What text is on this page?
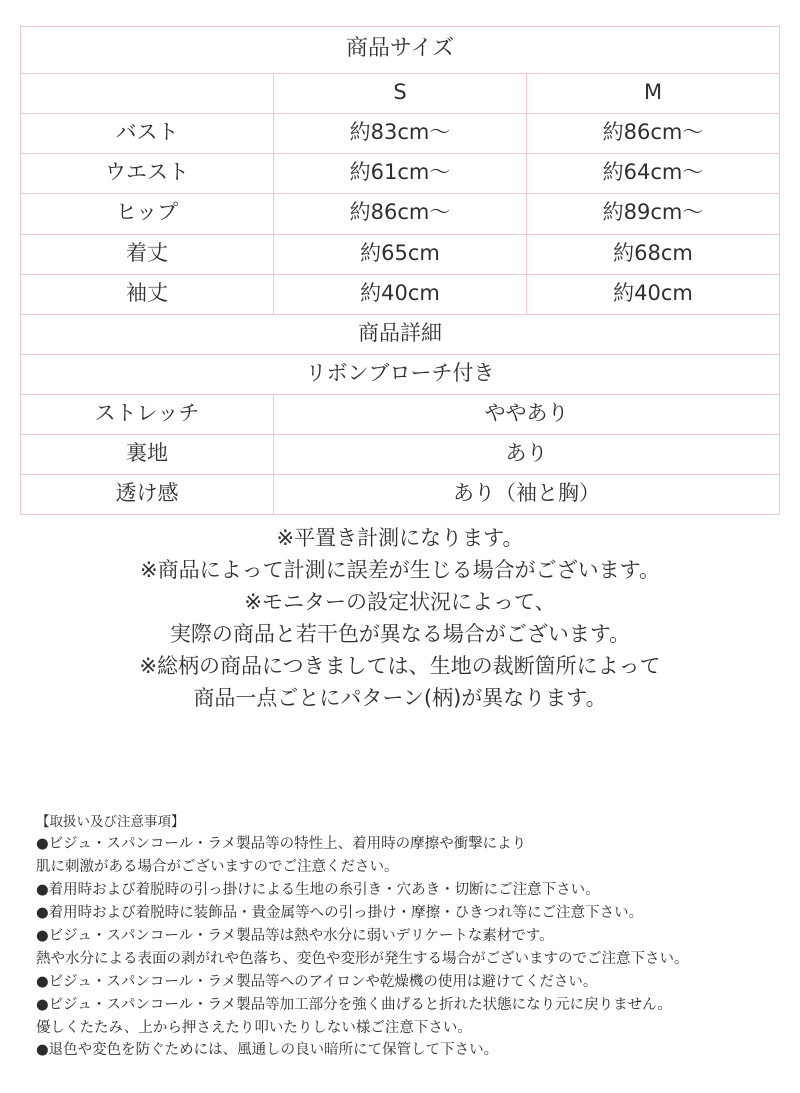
商品サイズ		
	S	M
バスト	約83cm〜	約86cm〜
ウエスト	約61cm〜	約64cm〜
ヒップ	約86cm〜	約89cm〜
着丈	約65cm	約68cm
袖丈	約40cm	約40cm
商品詳細		
リボンブローチ付き		
ストレッチ	ややあり	
裏地	あり	
透け感	あり（袖と胸）	
※平置き計測になります。
※商品によって計測に誤差が生じる場合がございます。
※モニターの設定状況によって、
実際の商品と若干色が異なる場合がございます。
※総柄の商品につきましては、生地の裁断箇所によって
商品一点ごとにパターン(柄)が異なります。

【取扱い及び注意事項】

●ビジュ・スパンコール・ラメ製品等の特性上、着用時の摩擦や衝撃により

肌に刺激がある場合がございますのでご注意ください。

●着用時および着脱時の引っ掛けによる生地の糸引き・穴あき・切断にご注意下さい。

●着用時および着脱時に装飾品・貴金属等への引っ掛け・摩擦・ひきつれ等にご注意下さい。

●ビジュ・スパンコール・ラメ製品等は熱や水分に弱いデリケートな素材です。

熱や水分による表面の剥がれや色落ち、変色や変形が発生する場合がございますのでご注意下さい。

●ビジュ・スパンコール・ラメ製品等へのアイロンや乾燥機の使用は避けてください。

●ビジュ・スパンコール・ラメ製品等加工部分を強く曲げると折れた状態になり元に戻りません。

優しくたたみ、上から押さえたり叩いたりしない様ご注意下さい。

●退色や変色を防ぐためには、風通しの良い暗所にて保管して下さい。
